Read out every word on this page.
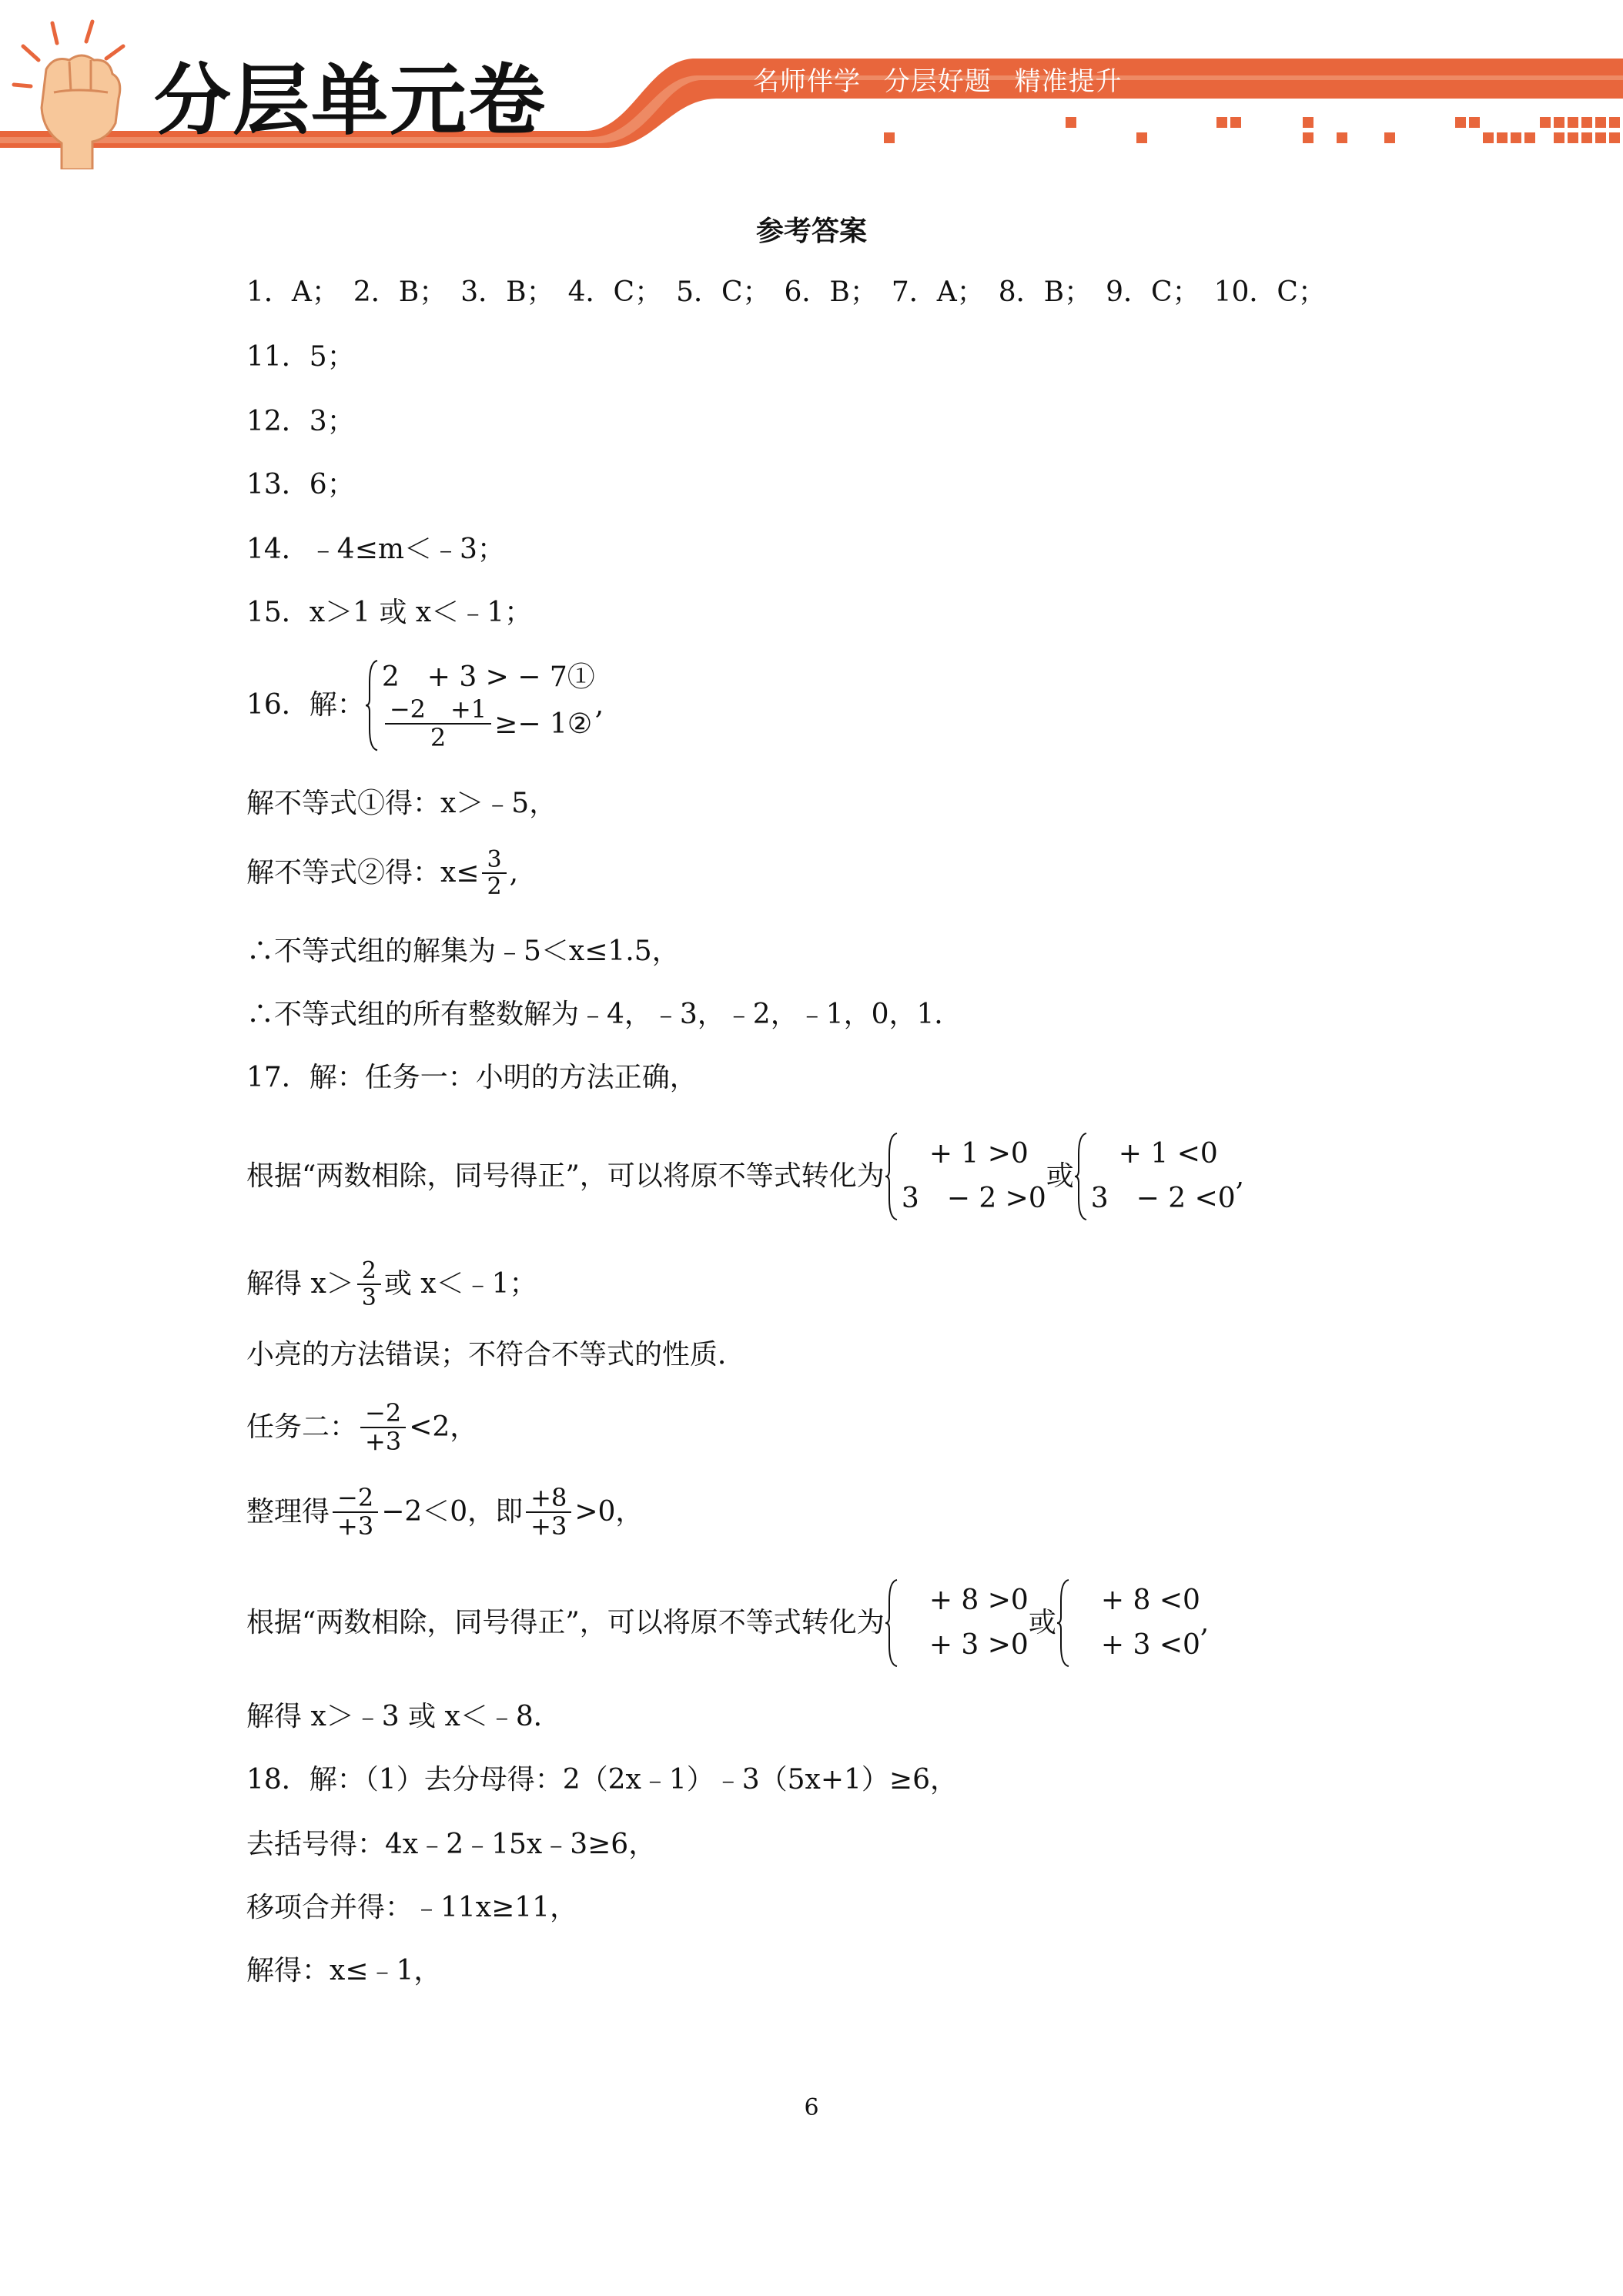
分层单元卷	名师伴学 分层好题 精准提升
参考答案
1．A；　2．B；　3．B；　4．C；　5．C；　6．B；　7．A；　8．B；　9．C；　10．C；
11．5；
12．3；
13．6；
14．﹣4≤m＜﹣3；
15．x＞1 或 x＜﹣1；
16．解：
2　+ 3 > − 7①
$\frac{-2 +1}{2}$ ≥− 1②
,
解不等式①得：x＞﹣5，
解不等式②得：$x\le \frac{3}{2}$ ,
∴不等式组的解集为﹣5＜x≤1.5，
∴不等式组的所有整数解为﹣4，﹣3，﹣2，﹣1，0，1．
17．解：任务一：小明的方法正确，
根据“两数相除，同号得正”，可以将原不等式转化为
　+ 1 >0
3　− 2 >0
或
　+ 1 <0
3　− 2 <0
,
解得 $x> \frac{2}{3}$ 或 x＜﹣1；
小亮的方法错误；不符合不等式的性质．
任务二： $\frac{-2}{+3} <2$，
整理得 $\frac{-2}{+3} -2<0$，即 $\frac{+8}{+3} >0$，
根据“两数相除，同号得正”，可以将原不等式转化为
　+ 8 >0
　+ 3 >0
或
　+ 8 <0
　+ 3 <0
,
解得 x＞﹣3 或 x＜﹣8．
18．解：（1）去分母得：2（2x﹣1）﹣3（5x+1）≥6，
去括号得：4x﹣2﹣15x﹣3≥6，
移项合并得：﹣11x≥11，
解得：x≤﹣1，
6
